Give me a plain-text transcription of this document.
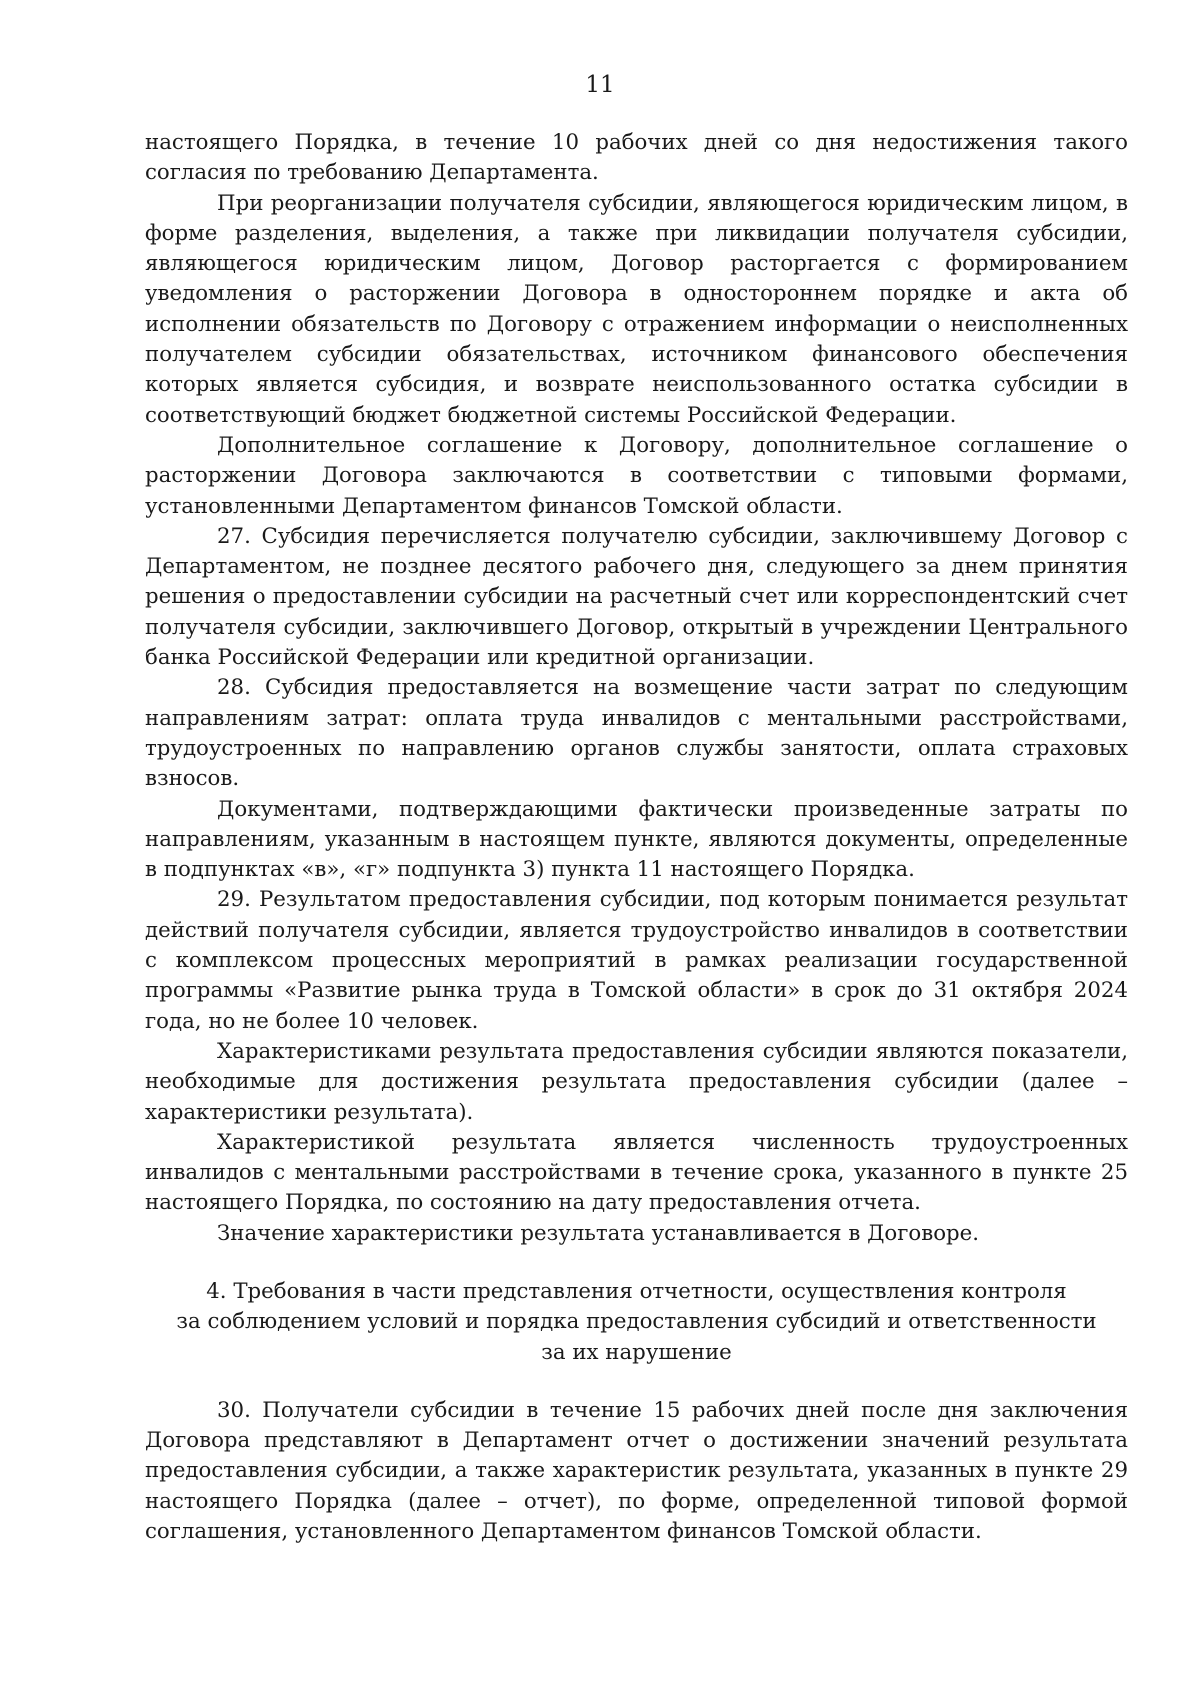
11

настоящего Порядка, в течение 10 рабочих дней со дня недостижения такого согласия по требованию Департамента.

При реорганизации получателя субсидии, являющегося юридическим лицом, в форме разделения, выделения, а также при ликвидации получателя субсидии, являющегося юридическим лицом, Договор расторгается с формированием уведомления о расторжении Договора в одностороннем порядке и акта об исполнении обязательств по Договору с отражением информации о неисполненных получателем субсидии обязательствах, источником финансового обеспечения которых является субсидия, и возврате неиспользованного остатка субсидии в соответствующий бюджет бюджетной системы Российской Федерации.

Дополнительное соглашение к Договору, дополнительное соглашение о расторжении Договора заключаются в соответствии с типовыми формами, установленными Департаментом финансов Томской области.

27. Субсидия перечисляется получателю субсидии, заключившему Договор с Департаментом, не позднее десятого рабочего дня, следующего за днем принятия решения о предоставлении субсидии на расчетный счет или корреспондентский счет получателя субсидии, заключившего Договор, открытый в учреждении Центрального банка Российской Федерации или кредитной организации.

28. Субсидия предоставляется на возмещение части затрат по следующим направлениям затрат: оплата труда инвалидов с ментальными расстройствами, трудоустроенных по направлению органов службы занятости, оплата страховых взносов.

Документами, подтверждающими фактически произведенные затраты по направлениям, указанным в настоящем пункте, являются документы, определенные в подпунктах «в», «г» подпункта 3) пункта 11 настоящего Порядка.

29. Результатом предоставления субсидии, под которым понимается результат действий получателя субсидии, является трудоустройство инвалидов в соответствии с комплексом процессных мероприятий в рамках реализации государственной программы «Развитие рынка труда в Томской области» в срок до 31 октября 2024 года, но не более 10 человек.

Характеристиками результата предоставления субсидии являются показатели, необходимые для достижения результата предоставления субсидии (далее – характеристики результата).

Характеристикой результата является численность трудоустроенных инвалидов с ментальными расстройствами в течение срока, указанного в пункте 25 настоящего Порядка, по состоянию на дату предоставления отчета.

Значение характеристики результата устанавливается в Договоре.

4. Требования в части представления отчетности, осуществления контроля
за соблюдением условий и порядка предоставления субсидий и ответственности
за их нарушение

30. Получатели субсидии в течение 15 рабочих дней после дня заключения Договора представляют в Департамент отчет о достижении значений результата предоставления субсидии, а также характеристик результата, указанных в пункте 29 настоящего Порядка (далее – отчет), по форме, определенной типовой формой соглашения, установленного Департаментом финансов Томской области.
